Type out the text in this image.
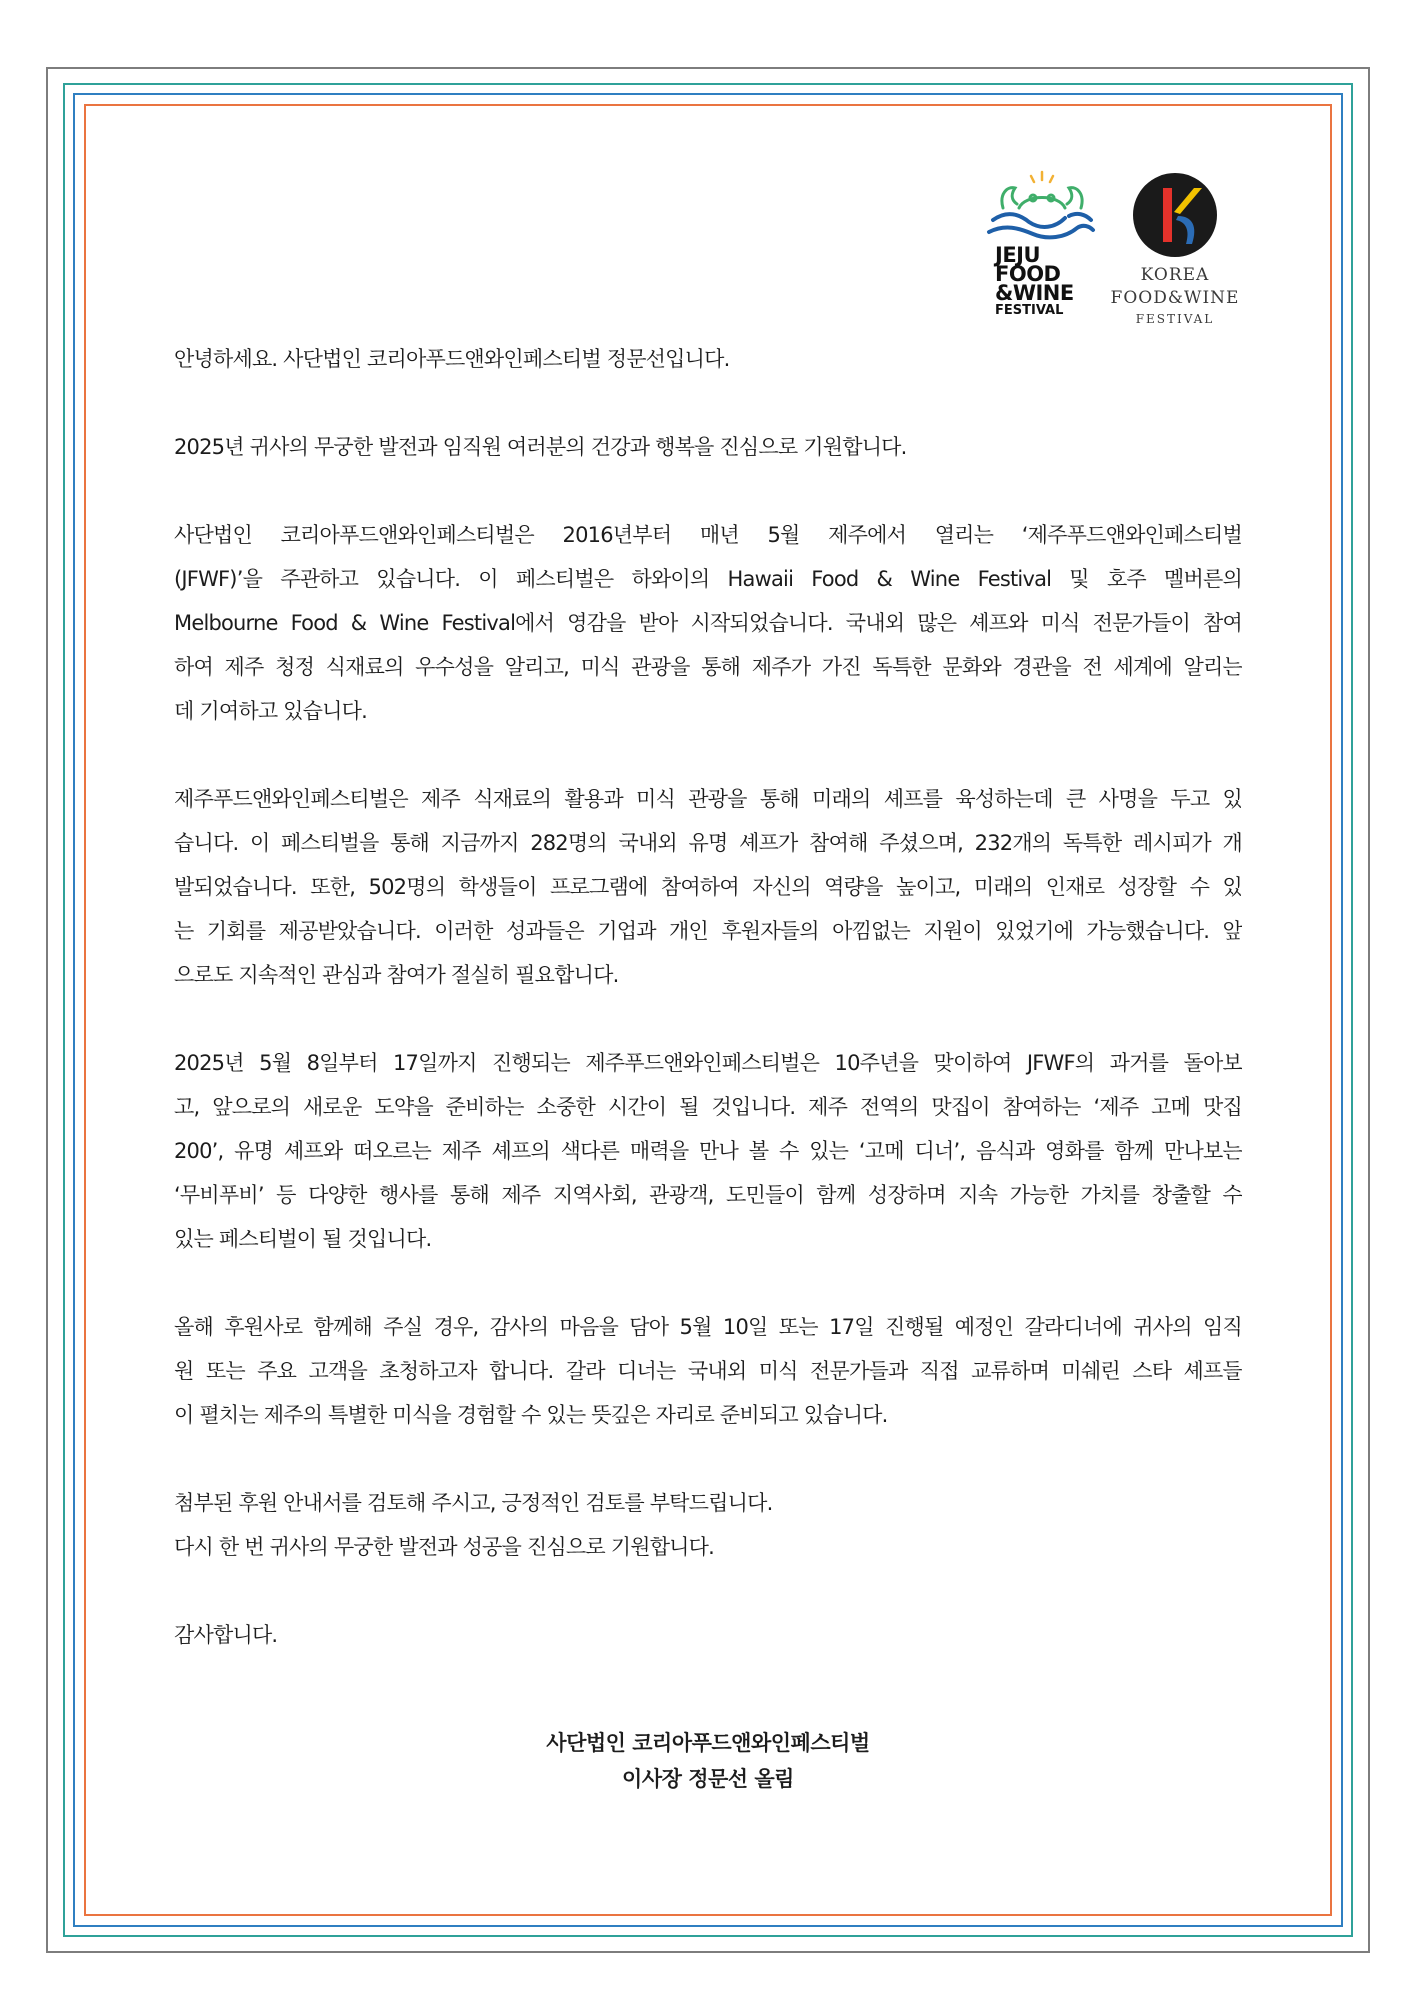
JEJU
FOOD
&WINE
FESTIVAL

KOREA

FOOD&WINE

FESTIVAL

안녕하세요. 사단법인 코리아푸드앤와인페스티벌 정문선입니다.

2025년 귀사의 무궁한 발전과 임직원 여러분의 건강과 행복을 진심으로 기원합니다.

사단법인 코리아푸드앤와인페스티벌은 2016년부터 매년 5월 제주에서 열리는 ‘제주푸드앤와인페스티벌

(JFWF)’을 주관하고 있습니다. 이 페스티벌은 하와이의 Hawaii Food & Wine Festival 및 호주 멜버른의

Melbourne Food & Wine Festival에서 영감을 받아 시작되었습니다. 국내외 많은 셰프와 미식 전문가들이 참여

하여 제주 청정 식재료의 우수성을 알리고, 미식 관광을 통해 제주가 가진 독특한 문화와 경관을 전 세계에 알리는

데 기여하고 있습니다.

제주푸드앤와인페스티벌은 제주 식재료의 활용과 미식 관광을 통해 미래의 셰프를 육성하는데 큰 사명을 두고 있

습니다. 이 페스티벌을 통해 지금까지 282명의 국내외 유명 셰프가 참여해 주셨으며, 232개의 독특한 레시피가 개

발되었습니다. 또한, 502명의 학생들이 프로그램에 참여하여 자신의 역량을 높이고, 미래의 인재로 성장할 수 있

는 기회를 제공받았습니다. 이러한 성과들은 기업과 개인 후원자들의 아낌없는 지원이 있었기에 가능했습니다. 앞

으로도 지속적인 관심과 참여가 절실히 필요합니다.

2025년 5월 8일부터 17일까지 진행되는 제주푸드앤와인페스티벌은 10주년을 맞이하여 JFWF의 과거를 돌아보

고, 앞으로의 새로운 도약을 준비하는 소중한 시간이 될 것입니다. 제주 전역의 맛집이 참여하는 ‘제주 고메 맛집

200’, 유명 셰프와 떠오르는 제주 셰프의 색다른 매력을 만나 볼 수 있는 ‘고메 디너’, 음식과 영화를 함께 만나보는

‘무비푸비’ 등 다양한 행사를 통해 제주 지역사회, 관광객, 도민들이 함께 성장하며 지속 가능한 가치를 창출할 수

있는 페스티벌이 될 것입니다.

올해 후원사로 함께해 주실 경우, 감사의 마음을 담아 5월 10일 또는 17일 진행될 예정인 갈라디너에 귀사의 임직

원 또는 주요 고객을 초청하고자 합니다. 갈라 디너는 국내외 미식 전문가들과 직접 교류하며 미쉐린 스타 셰프들

이 펼치는 제주의 특별한 미식을 경험할 수 있는 뜻깊은 자리로 준비되고 있습니다.

첨부된 후원 안내서를 검토해 주시고, 긍정적인 검토를 부탁드립니다.

다시 한 번 귀사의 무궁한 발전과 성공을 진심으로 기원합니다.

감사합니다.

사단법인 코리아푸드앤와인페스티벌

이사장 정문선 올림
